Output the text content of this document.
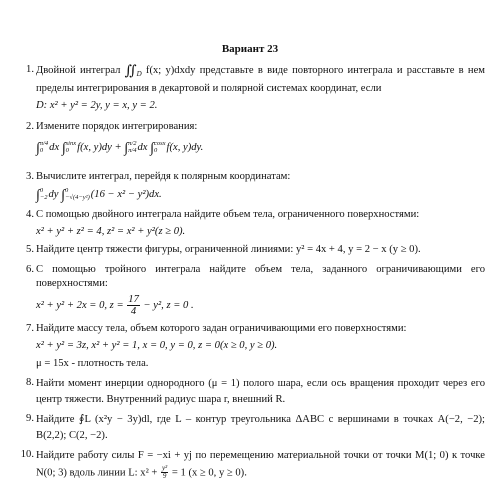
Вариант 23
1. Двойной интеграл $∬_D$ f(x; y)dxdy представьте в виде повторного интеграла и расставьте в нем пределы интегрирования в декартовой и полярной системах координат, если
D: x² + y² = 2y, y = x, y = 2.
2. Измените порядок интегрирования:
∫ π/4
0 dx ∫ sinx
0 f(x, y)dy + ∫ π/2
π/4 dx ∫ cosx
0 f(x, y)dy.
3. Вычислите интеграл, перейдя к полярным координатам:
∫ 0
−2 dy ∫ 0
−√(4−y²) (16 − x² − y²)dx.
4. С помощью двойного интеграла найдите объем тела, ограниченного поверхностями:
x² + y² + z² = 4, z² = x² + y²(z ≥ 0).
5. Найдите центр тяжести фигуры, ограниченной линиями: y² = 4x + 4, y = 2 − x (y ≥ 0).
6. С помощью тройного интеграла найдите объем тела, заданного ограничивающими его поверхностями:
x² + y² + 2x = 0, $z = \frac{17}{4} - y^2$, z = 0 .
7. Найдите массу тела, объем которого задан ограничивающими его поверхностями:
x² + y² = 3z, x² + y² = 1, x = 0, y = 0, z = 0(x ≥ 0, y ≥ 0).
μ = 15x - плотность тела.
8. Найти момент инерции однородного (μ = 1) полого шара, если ось вращения проходит через его центр тяжести. Внутренний радиус шара r, внешний R.
9. Найдите ∮L (x²y − 3y)dl, где L – контур треугольника ΔABC с вершинами в точках A(−2, −2); B(2,2); C(2, −2).
10. Найдите работу силы F = −xi + yj по перемещению материальной точки от точки M(1; 0) к точке N(0; 3) вдоль линии L: $x^2 + \frac{\text{y²}}{9} = 1$ (x ≥ 0, y ≥ 0).
